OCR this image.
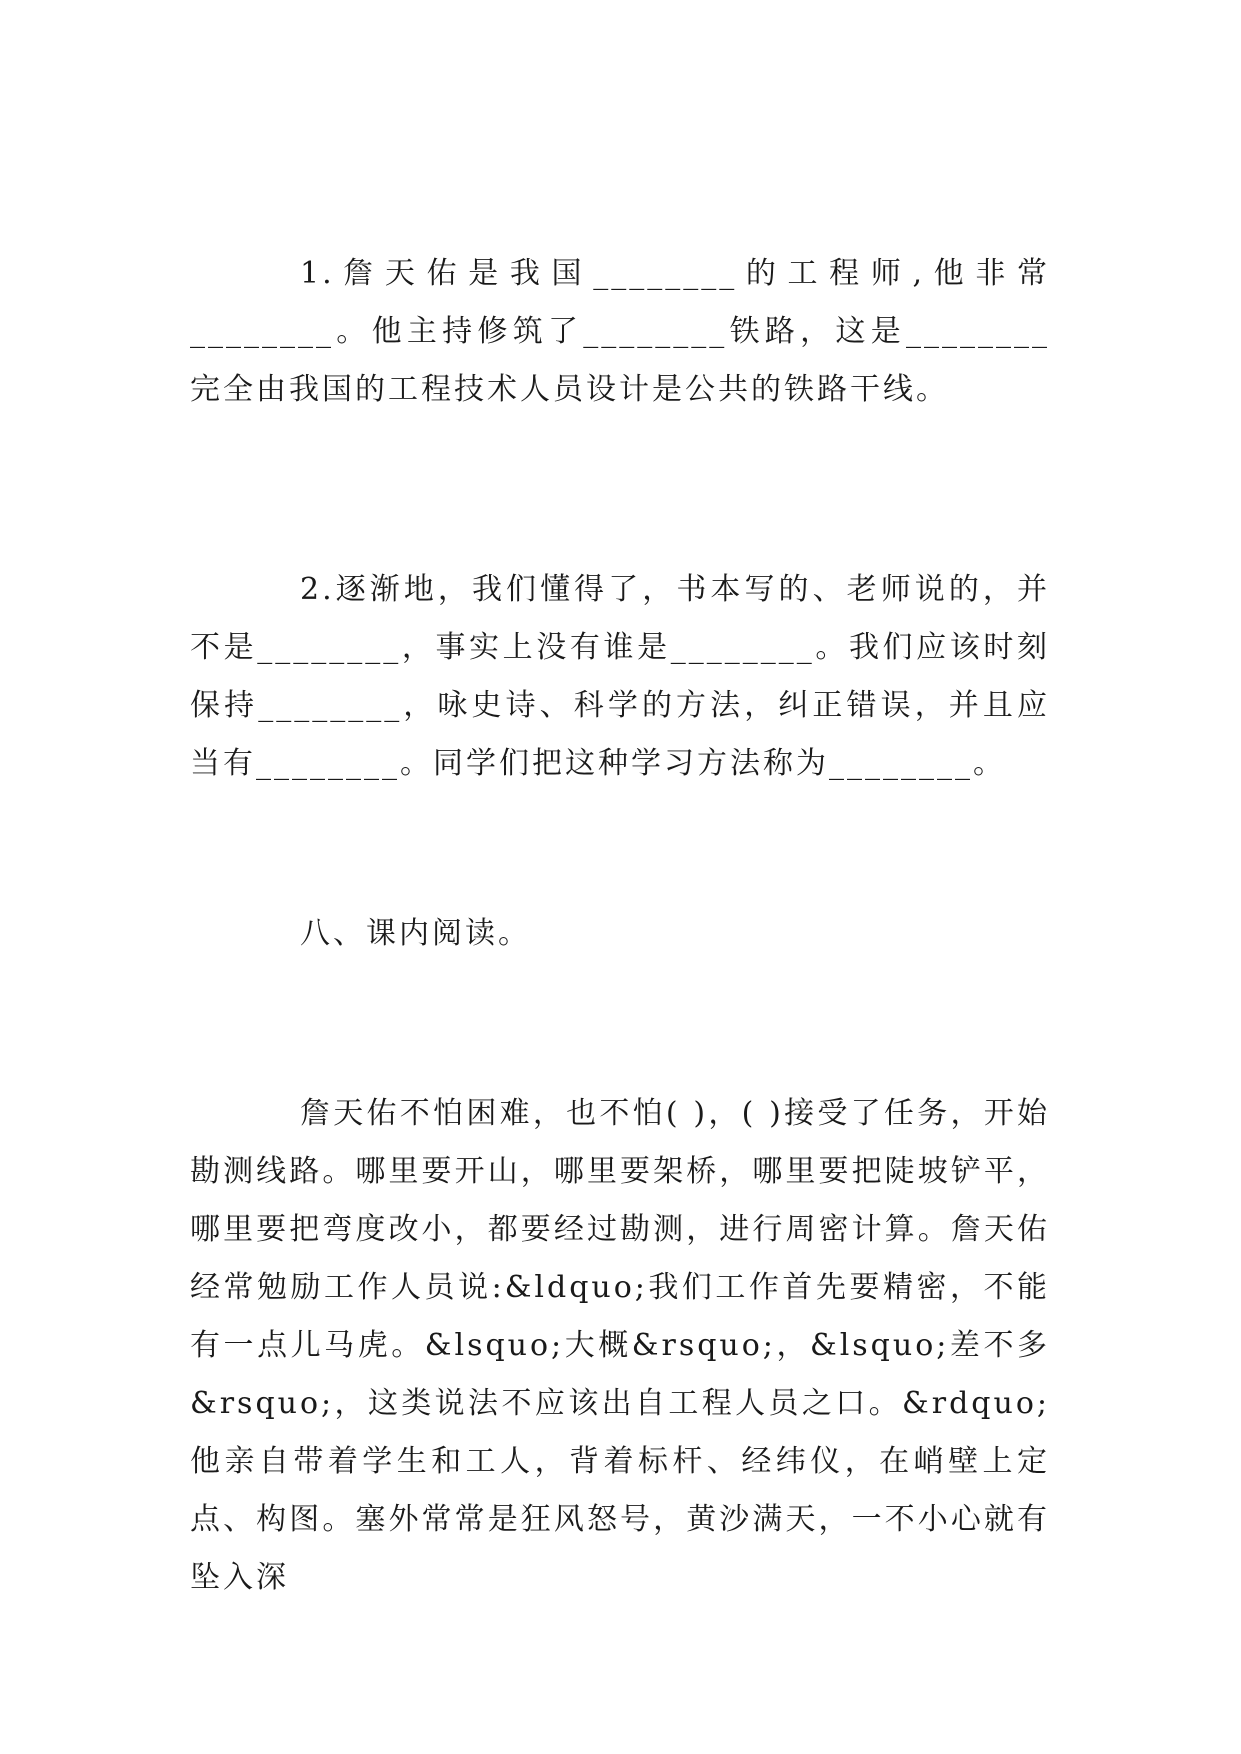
1.詹天佑是我国________的工程师,他非常________。他主持修筑了________铁路，这是________完全由我国的工程技术人员设计是公共的铁路干线。

2.逐渐地，我们懂得了，书本写的、老师说的，并不是________，事实上没有谁是________。我们应该时刻保持________，咏史诗、科学的方法，纠正错误，并且应当有________。同学们把这种学习方法称为________。

八、课内阅读。

詹天佑不怕困难，也不怕( )，( )接受了任务，开始勘测线路。哪里要开山，哪里要架桥，哪里要把陡坡铲平，哪里要把弯度改小，都要经过勘测，进行周密计算。詹天佑经常勉励工作人员说:&ldquo;我们工作首先要精密，不能有一点儿马虎。&lsquo;大概&rsquo;，&lsquo;差不多&rsquo;，这类说法不应该出自工程人员之口。&rdquo;他亲自带着学生和工人，背着标杆、经纬仪，在峭壁上定点、构图。塞外常常是狂风怒号，黄沙满天，一不小心就有坠入深
